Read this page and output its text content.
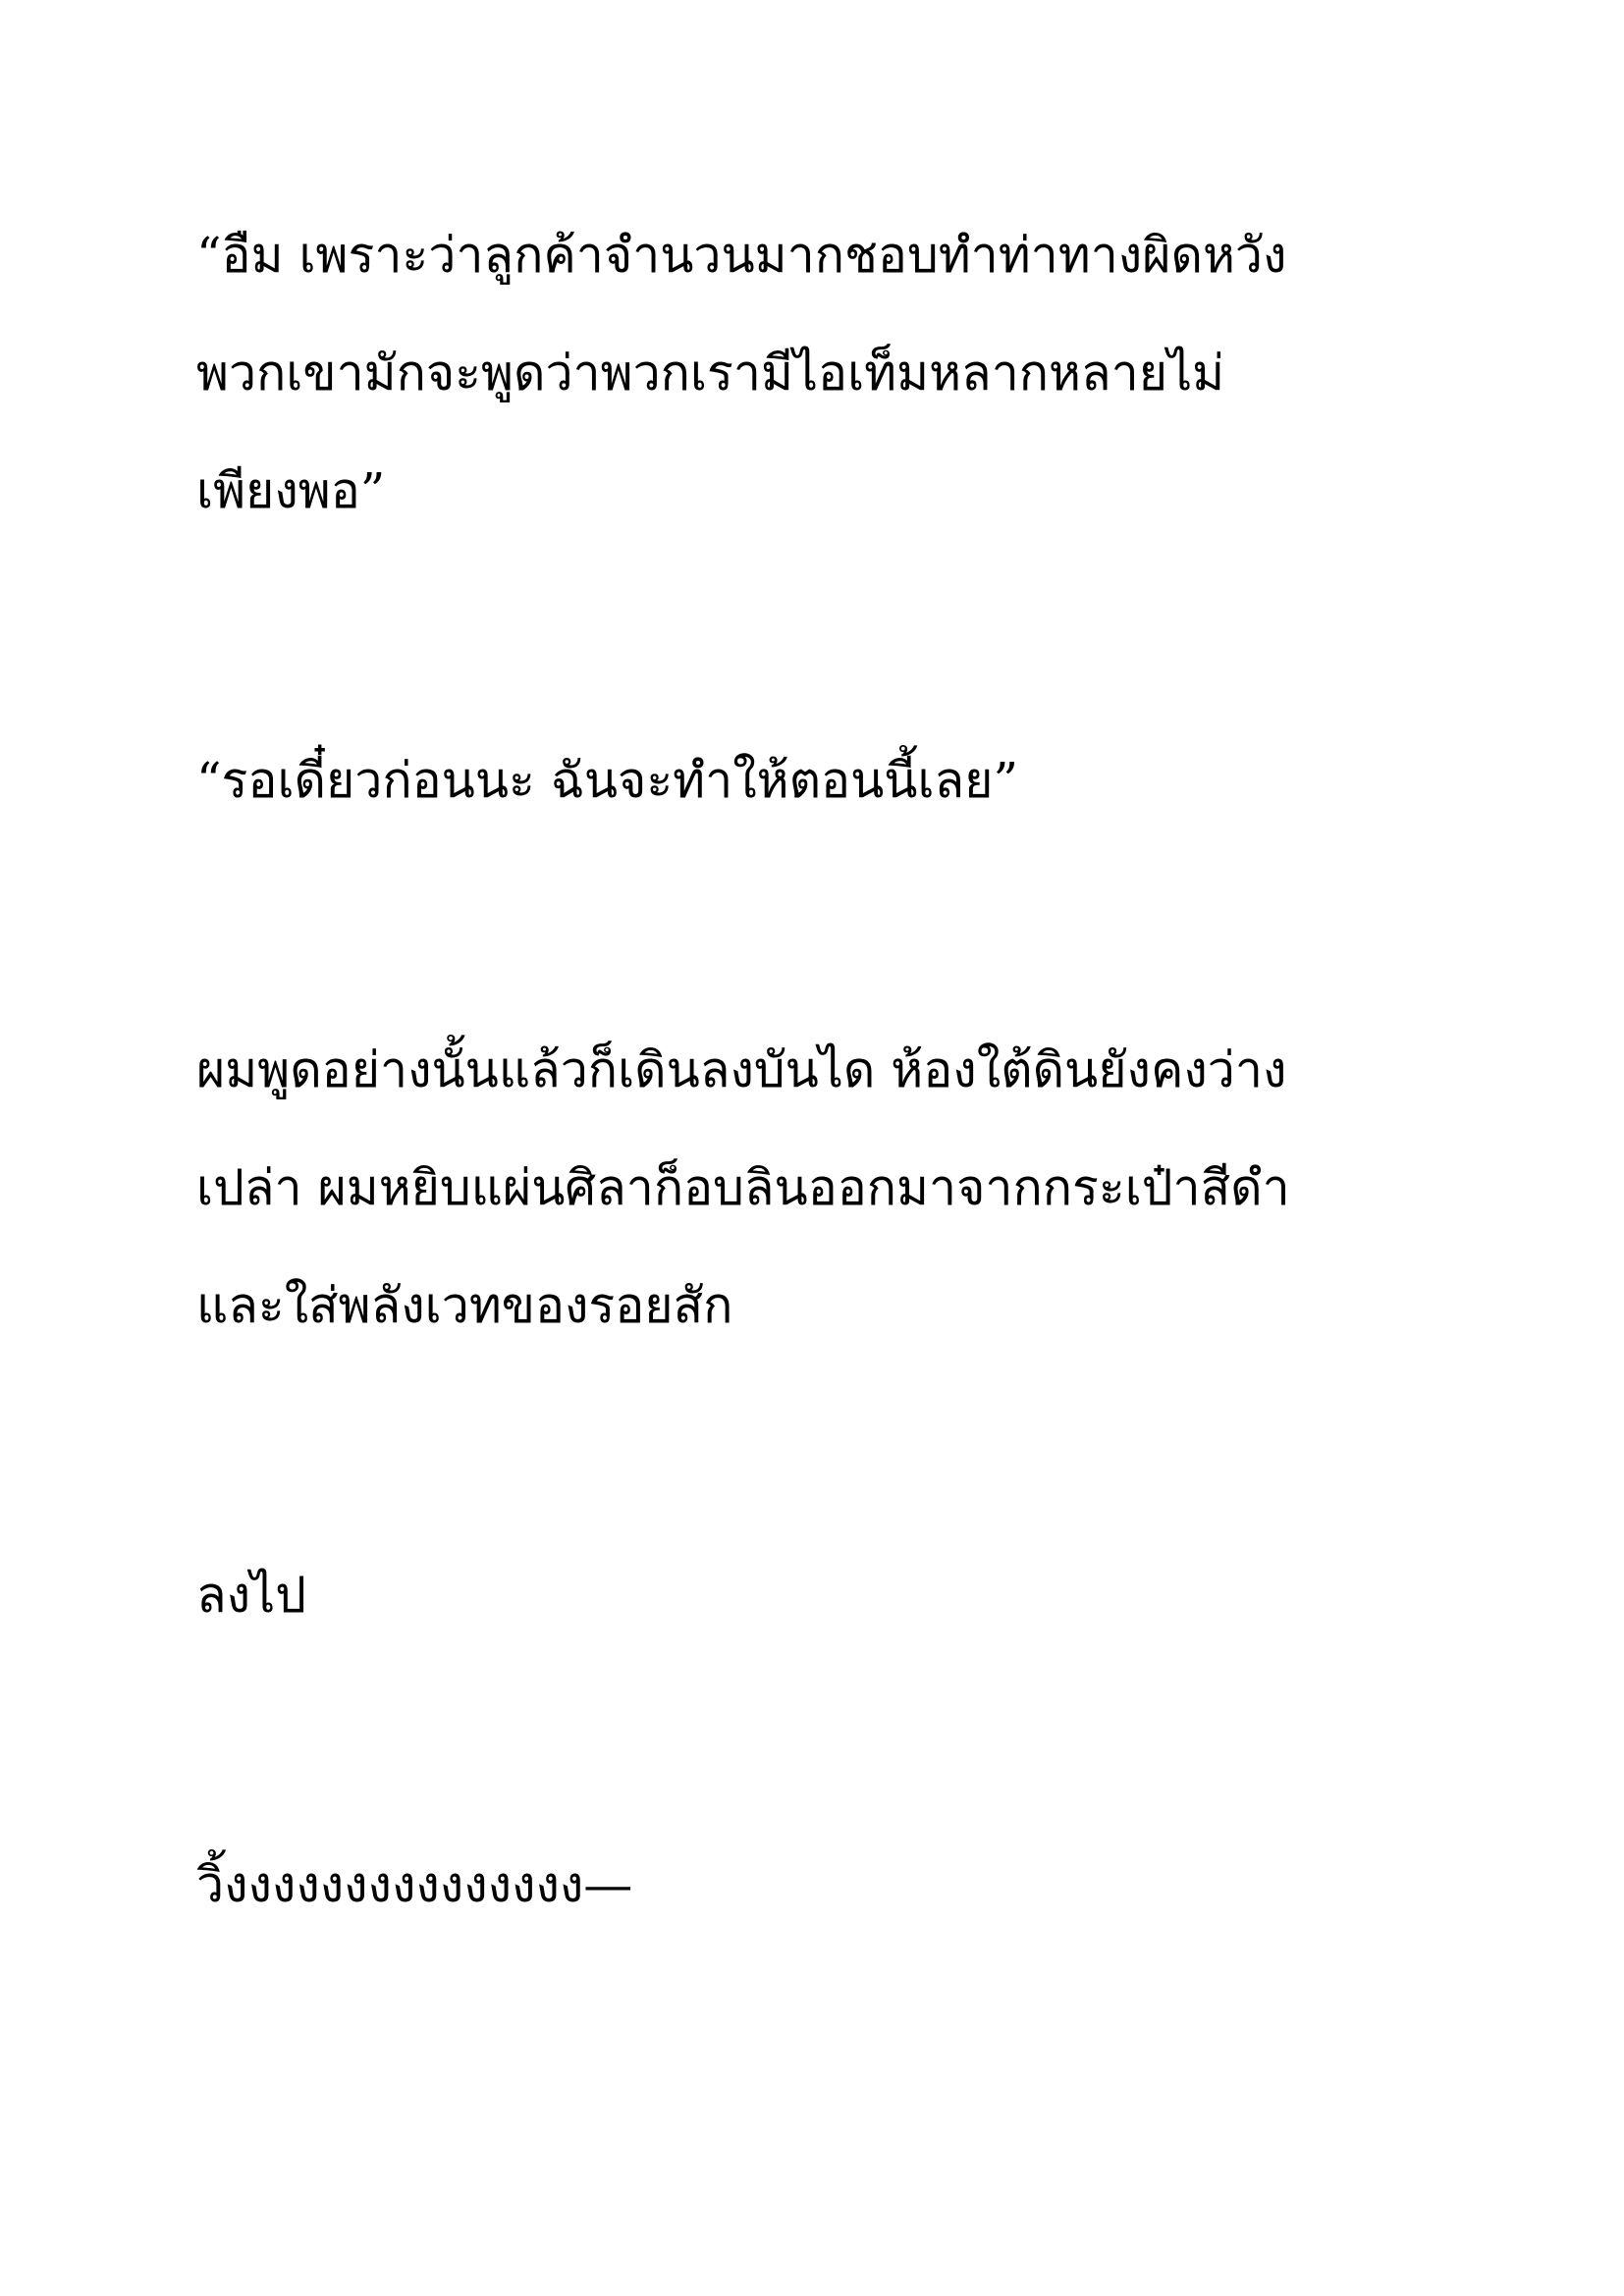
“อืม เพราะว่าลูกค้าจำนวนมากชอบทำท่าทางผิดหวัง

พวกเขามักจะพูดว่าพวกเรามีไอเท็มหลากหลายไม่

เพียงพอ”

“รอเดี๋ยวก่อนนะ ฉันจะทำให้ตอนนี้เลย”

ผมพูดอย่างนั้นแล้วก็เดินลงบันได ห้องใต้ดินยังคงว่าง

เปล่า ผมหยิบแผ่นศิลาก็อบลินออกมาจากกระเป๋าสีดำ

และใส่พลังเวทของรอยสัก

ลงไป

วิ้งงงงงงงงงงงงงงง—
